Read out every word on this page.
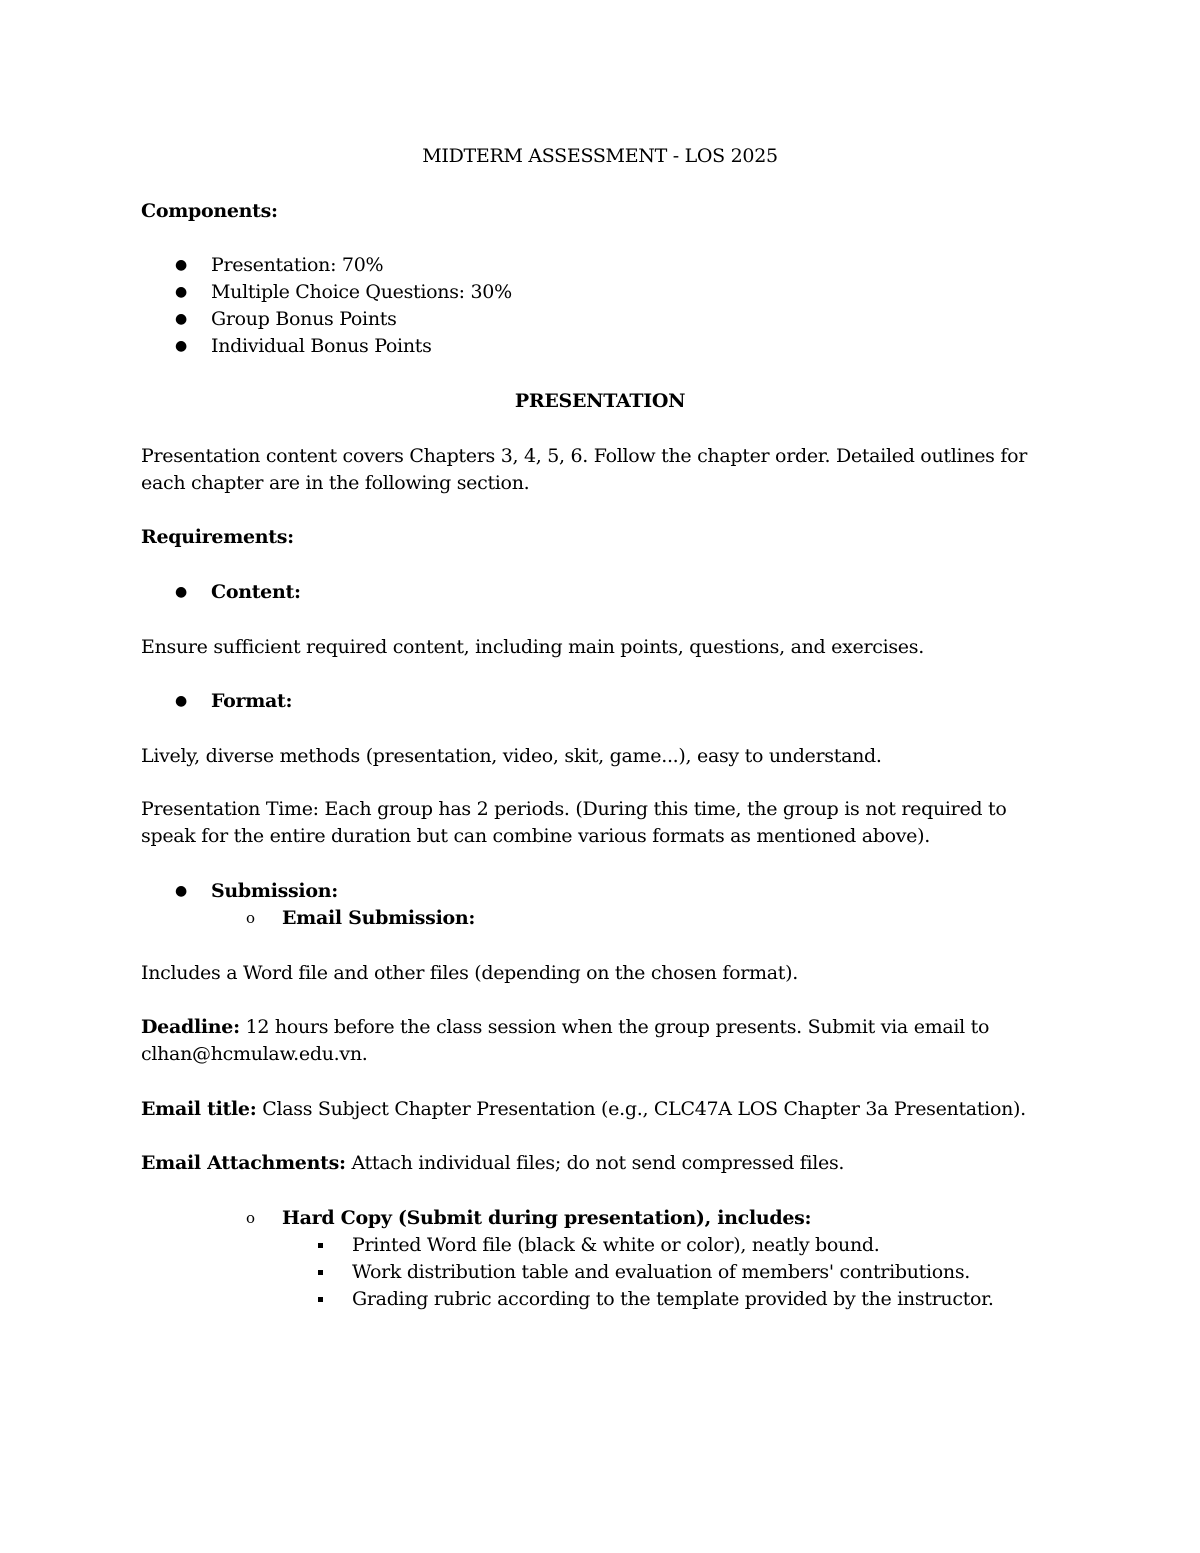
MIDTERM ASSESSMENT - LOS 2025
Components:
● Presentation: 70%
● Multiple Choice Questions: 30%
● Group Bonus Points
● Individual Bonus Points
PRESENTATION
Presentation content covers Chapters 3, 4, 5, 6. Follow the chapter order. Detailed outlines for
each chapter are in the following section.
Requirements:
● Content:
Ensure sufficient required content, including main points, questions, and exercises.
● Format:
Lively, diverse methods (presentation, video, skit, game...), easy to understand.
Presentation Time: Each group has 2 periods. (During this time, the group is not required to
speak for the entire duration but can combine various formats as mentioned above).
● Submission:
o Email Submission:
Includes a Word file and other files (depending on the chosen format).
Deadline: 12 hours before the class session when the group presents. Submit via email to
clhan@hcmulaw.edu.vn.
Email title: Class Subject Chapter Presentation (e.g., CLC47A LOS Chapter 3a Presentation).
Email Attachments: Attach individual files; do not send compressed files.
o Hard Copy (Submit during presentation), includes:
Printed Word file (black & white or color), neatly bound.
Work distribution table and evaluation of members' contributions.
Grading rubric according to the template provided by the instructor.
